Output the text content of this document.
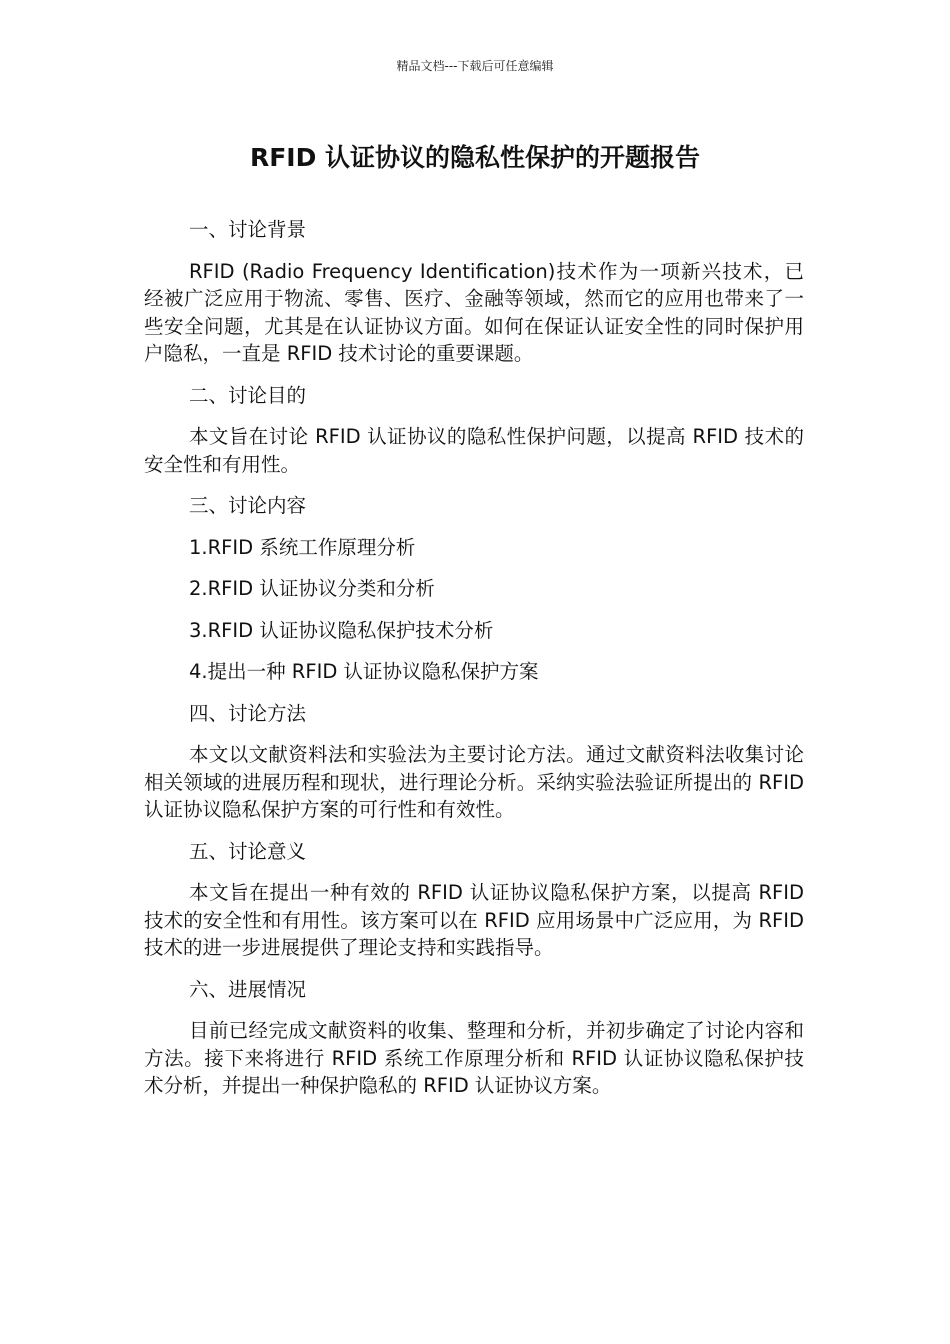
精品文档---下载后可任意编辑
RFID 认证协议的隐私性保护的开题报告

一、讨论背景

RFID (Radio Frequency Identification)技术作为一项新兴技术，已经被广泛应用于物流、零售、医疗、金融等领域，然而它的应用也带来了一些安全问题，尤其是在认证协议方面。如何在保证认证安全性的同时保护用户隐私，一直是 RFID 技术讨论的重要课题。

二、讨论目的

本文旨在讨论 RFID 认证协议的隐私性保护问题，以提高 RFID 技术的安全性和有用性。

三、讨论内容

1.RFID 系统工作原理分析

2.RFID 认证协议分类和分析

3.RFID 认证协议隐私保护技术分析

4.提出一种 RFID 认证协议隐私保护方案

四、讨论方法

本文以文献资料法和实验法为主要讨论方法。通过文献资料法收集讨论相关领域的进展历程和现状，进行理论分析。采纳实验法验证所提出的 RFID 认证协议隐私保护方案的可行性和有效性。

五、讨论意义

本文旨在提出一种有效的 RFID 认证协议隐私保护方案，以提高 RFID 技术的安全性和有用性。该方案可以在 RFID 应用场景中广泛应用，为 RFID 技术的进一步进展提供了理论支持和实践指导。

六、进展情况

目前已经完成文献资料的收集、整理和分析，并初步确定了讨论内容和方法。接下来将进行 RFID 系统工作原理分析和 RFID 认证协议隐私保护技术分析，并提出一种保护隐私的 RFID 认证协议方案。
